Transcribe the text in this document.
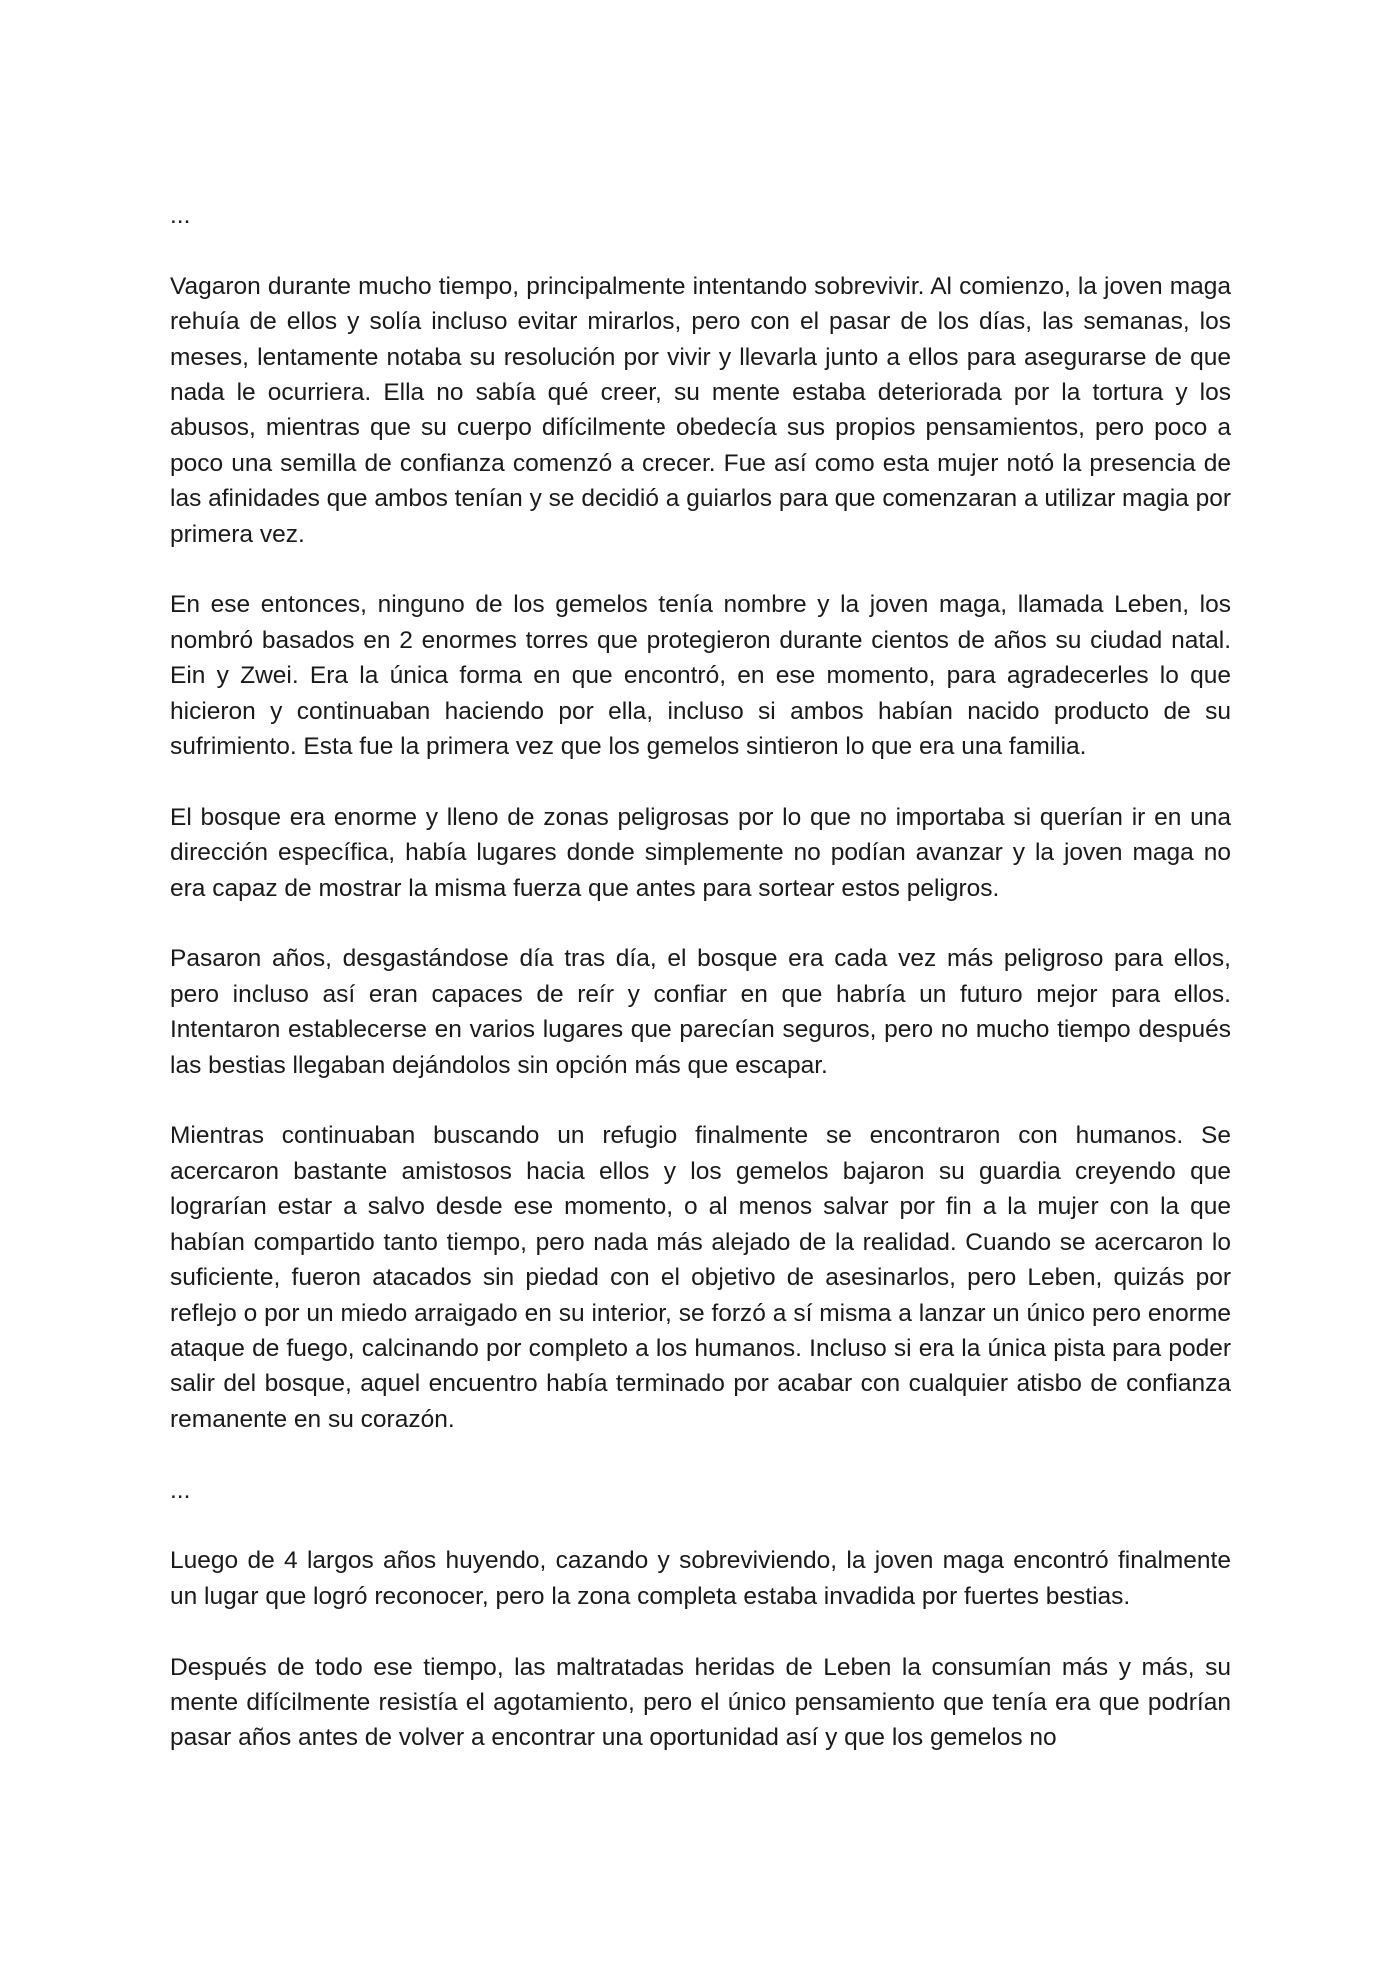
...

Vagaron durante mucho tiempo, principalmente intentando sobrevivir. Al comienzo, la joven maga rehuía de ellos y solía incluso evitar mirarlos, pero con el pasar de los días, las semanas, los meses, lentamente notaba su resolución por vivir y llevarla junto a ellos para asegurarse de que nada le ocurriera. Ella no sabía qué creer, su mente estaba deteriorada por la tortura y los abusos, mientras que su cuerpo difícilmente obedecía sus propios pensamientos, pero poco a poco una semilla de confianza comenzó a crecer. Fue así como esta mujer notó la presencia de las afinidades que ambos tenían y se decidió a guiarlos para que comenzaran a utilizar magia por primera vez.

En ese entonces, ninguno de los gemelos tenía nombre y la joven maga, llamada Leben, los nombró basados en 2 enormes torres que protegieron durante cientos de años su ciudad natal. Ein y Zwei. Era la única forma en que encontró, en ese momento, para agradecerles lo que hicieron y continuaban haciendo por ella, incluso si ambos habían nacido producto de su sufrimiento. Esta fue la primera vez que los gemelos sintieron lo que era una familia.

El bosque era enorme y lleno de zonas peligrosas por lo que no importaba si querían ir en una dirección específica, había lugares donde simplemente no podían avanzar y la joven maga no era capaz de mostrar la misma fuerza que antes para sortear estos peligros.

Pasaron años, desgastándose día tras día, el bosque era cada vez más peligroso para ellos, pero incluso así eran capaces de reír y confiar en que habría un futuro mejor para ellos. Intentaron establecerse en varios lugares que parecían seguros, pero no mucho tiempo después las bestias llegaban dejándolos sin opción más que escapar.

Mientras continuaban buscando un refugio finalmente se encontraron con humanos. Se acercaron bastante amistosos hacia ellos y los gemelos bajaron su guardia creyendo que lograrían estar a salvo desde ese momento, o al menos salvar por fin a la mujer con la que habían compartido tanto tiempo, pero nada más alejado de la realidad. Cuando se acercaron lo suficiente, fueron atacados sin piedad con el objetivo de asesinarlos, pero Leben, quizás por reflejo o por un miedo arraigado en su interior, se forzó a sí misma a lanzar un único pero enorme ataque de fuego, calcinando por completo a los humanos. Incluso si era la única pista para poder salir del bosque, aquel encuentro había terminado por acabar con cualquier atisbo de confianza remanente en su corazón.

...

Luego de 4 largos años huyendo, cazando y sobreviviendo, la joven maga encontró finalmente un lugar que logró reconocer, pero la zona completa estaba invadida por fuertes bestias.

Después de todo ese tiempo, las maltratadas heridas de Leben la consumían más y más, su mente difícilmente resistía el agotamiento, pero el único pensamiento que tenía era que podrían pasar años antes de volver a encontrar una oportunidad así y que los gemelos no
